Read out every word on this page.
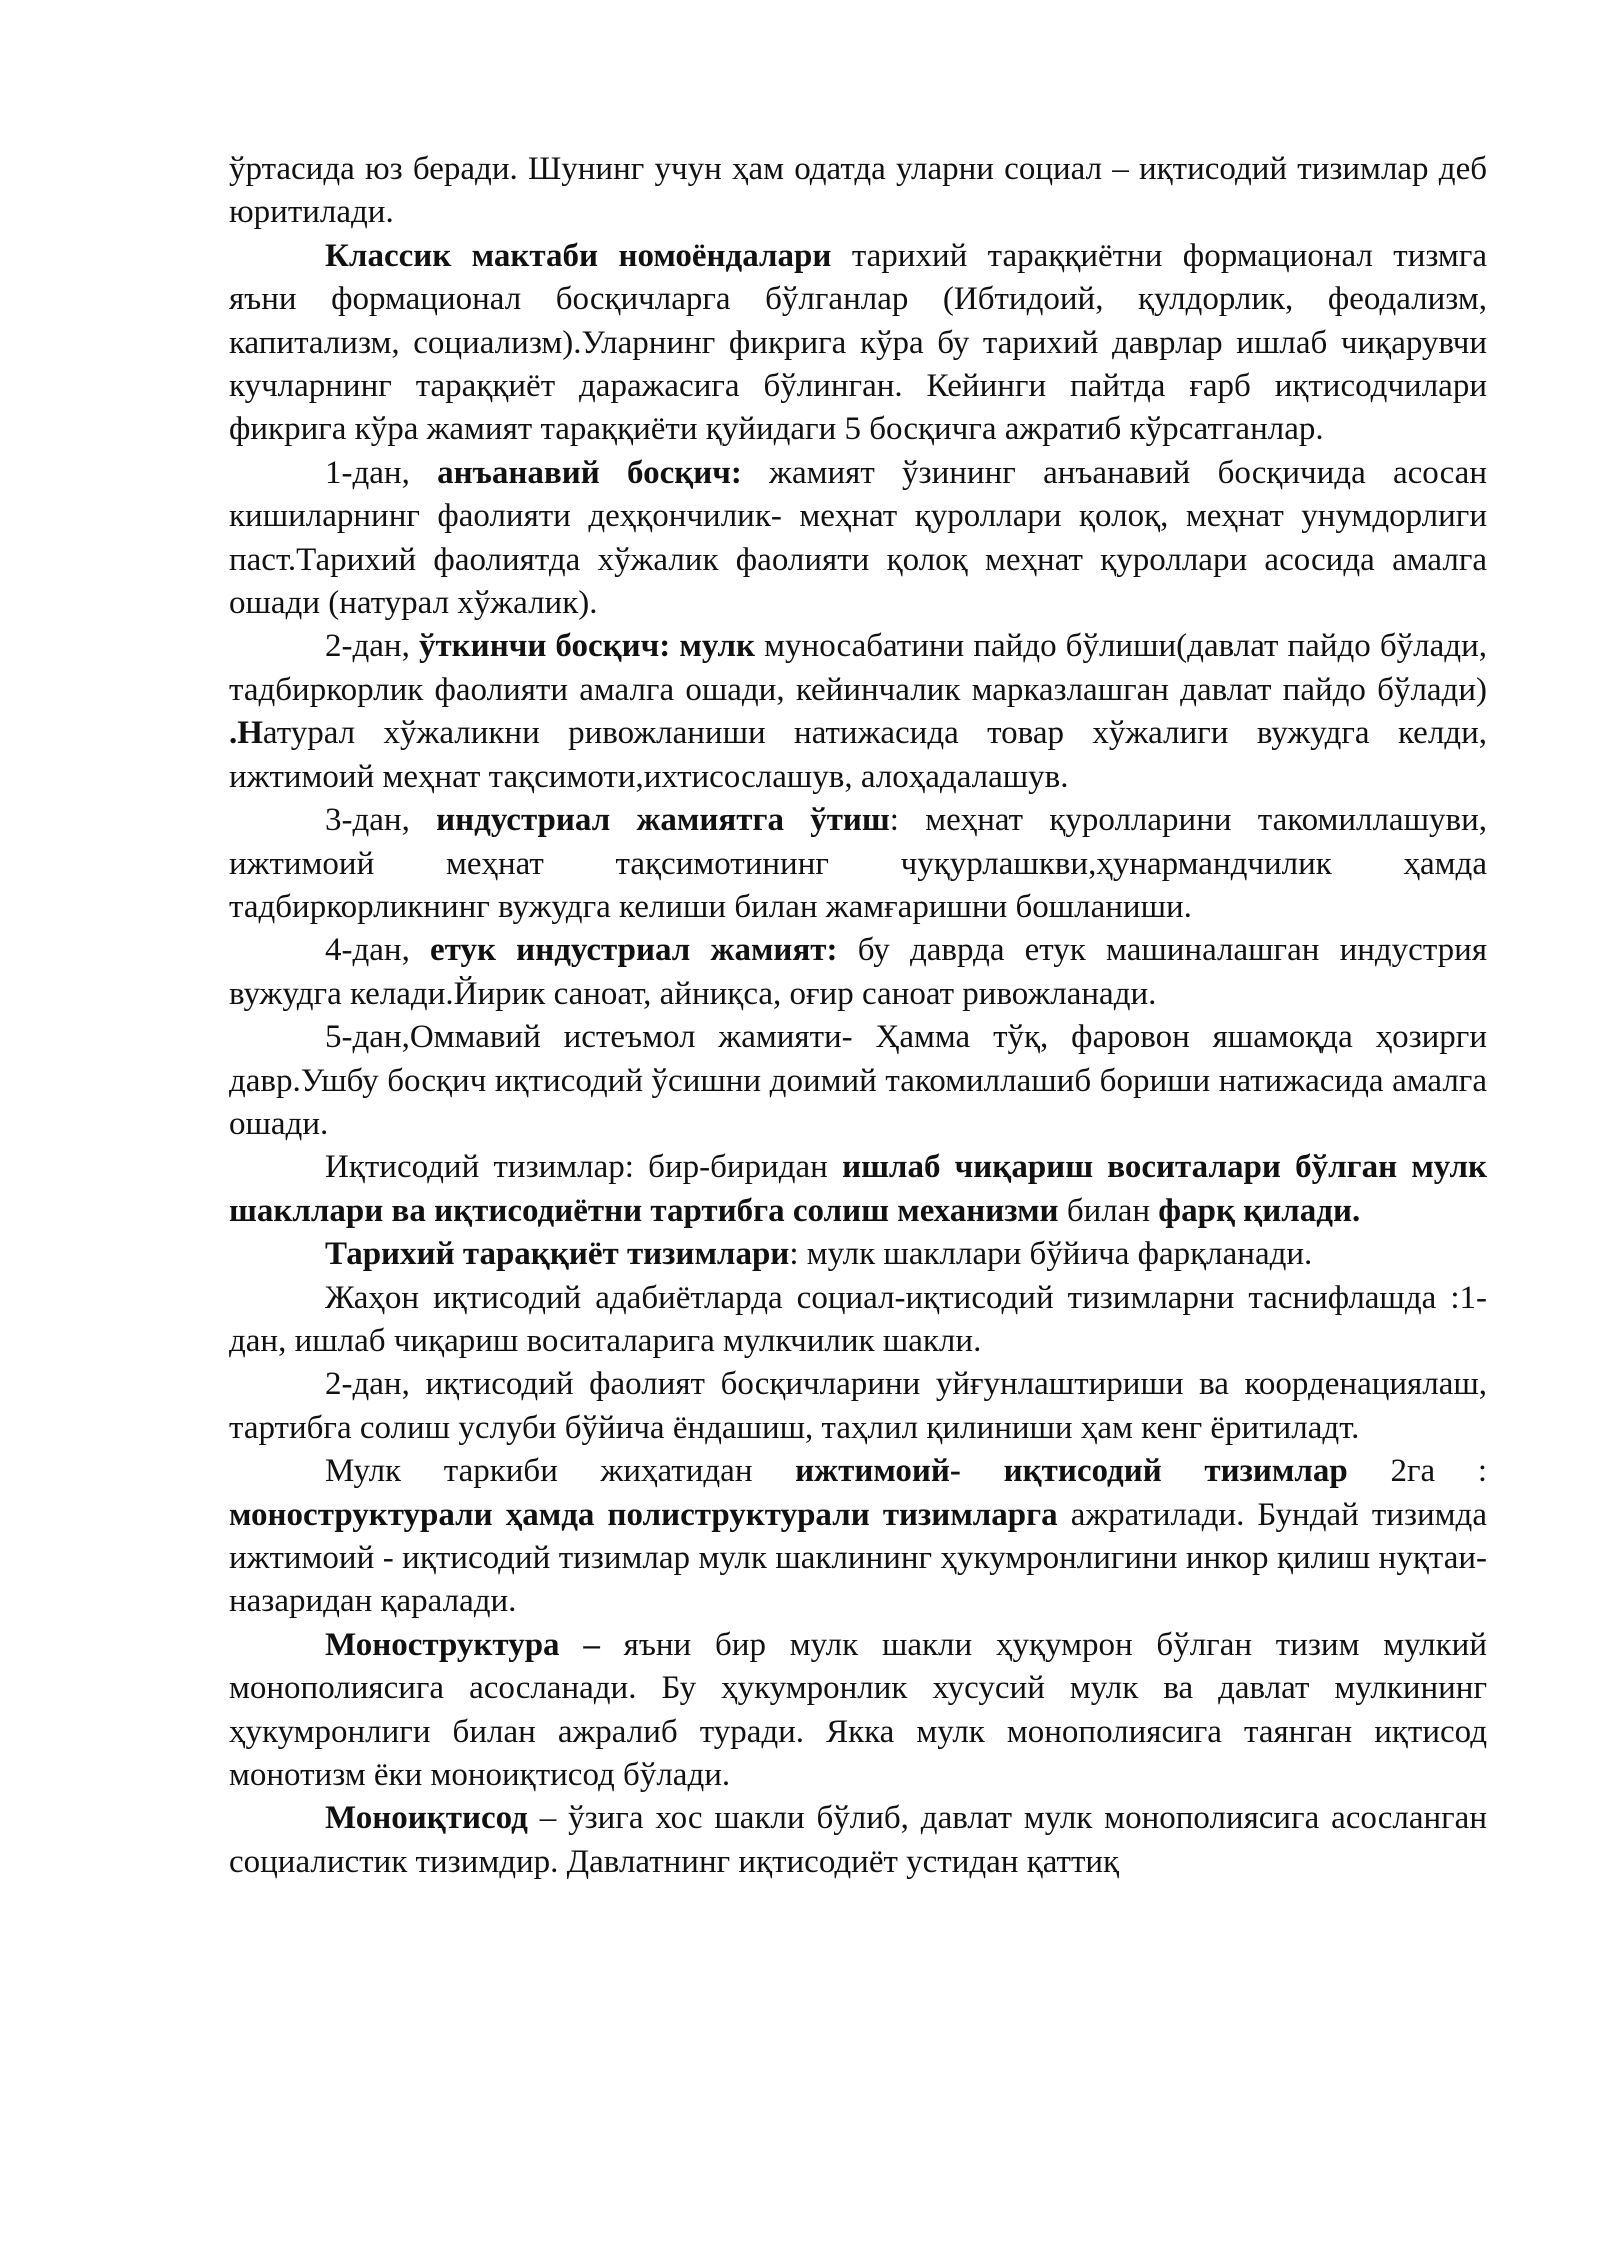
ўртасида юз беради. Шунинг учун ҳам одатда уларни социал – иқтисодий тизимлар деб юритилади.

Классик мактаби номоёндалари тарихий тараққиётни формационал тизмга яъни формационал босқичларга бўлганлар (Ибтидоий, қулдорлик, феодализм, капитализм, социализм).Уларнинг фикрига кўра бу тарихий даврлар ишлаб чиқарувчи кучларнинг тараққиёт даражасига бўлинган. Кейинги пайтда ғарб иқтисодчилари фикрига кўра жамият тараққиёти қуйидаги 5 босқичга ажратиб кўрсатганлар.

1-дан, анъанавий босқич: жамият ўзининг анъанавий босқичида асосан кишиларнинг фаолияти деҳқончилик- меҳнат қуроллари қолоқ, меҳнат унумдорлиги паст.Тарихий фаолиятда хўжалик фаолияти қолоқ меҳнат қуроллари асосида амалга ошади (натурал хўжалик).

2-дан, ўткинчи босқич: мулк муносабатини пайдо бўлиши(давлат пайдо бўлади, тадбиркорлик фаолияти амалга ошади, кейинчалик марказлашган давлат пайдо бўлади) .Натурал хўжаликни ривожланиши натижасида товар хўжалиги вужудга келди, ижтимоий меҳнат тақсимоти,ихтисослашув, алоҳадалашув.

3-дан, индустриал жамиятга ўтиш: меҳнат қуролларини такомиллашуви, ижтимоий меҳнат тақсимотининг чуқурлашкви,ҳунармандчилик ҳамда тадбиркорликнинг вужудга келиши билан жамғаришни бошланиши.

4-дан, етук индустриал жамият: бу даврда етук машиналашган индустрия вужудга келади.Йирик саноат, айниқса, оғир саноат ривожланади.

5-дан,Оммавий истеъмол жамияти- Ҳамма тўқ, фаровон яшамоқда ҳозирги давр.Ушбу босқич иқтисодий ўсишни доимий такомиллашиб бориши натижасида амалга ошади.

Иқтисодий тизимлар: бир-биридан ишлаб чиқариш воситалари бўлган мулк шакллари ва иқтисодиётни тартибга солиш механизми билан фарқ қилади.

Тарихий тараққиёт тизимлари: мулк шакллари бўйича фарқланади.

Жаҳон иқтисодий адабиётларда социал-иқтисодий тизимларни таснифлашда :1-дан, ишлаб чиқариш воситаларига мулкчилик шакли.

2-дан, иқтисодий фаолият босқичларини уйғунлаштириши ва коорденациялаш, тартибга солиш услуби бўйича ёндашиш, таҳлил қилиниши ҳам кенг ёритиладт.

Мулк таркиби жиҳатидан ижтимоий- иқтисодий тизимлар 2га : моноструктурали ҳамда полиструктурали тизимларга ажратилади. Бундай тизимда ижтимоий - иқтисодий тизимлар мулк шаклининг ҳукумронлигини инкор қилиш нуқтаи- назаридан қаралади.

Моноструктура – яъни бир мулк шакли ҳуқумрон бўлган тизим мулкий монополиясига асосланади. Бу ҳукумронлик хусусий мулк ва давлат мулкининг ҳукумронлиги билан ажралиб туради. Якка мулк монополиясига таянган иқтисод монотизм ёки моноиқтисод бўлади.

Моноиқтисод – ўзига хос шакли бўлиб, давлат мулк монополиясига асосланган социалистик тизимдир. Давлатнинг иқтисодиёт устидан қаттиқ
